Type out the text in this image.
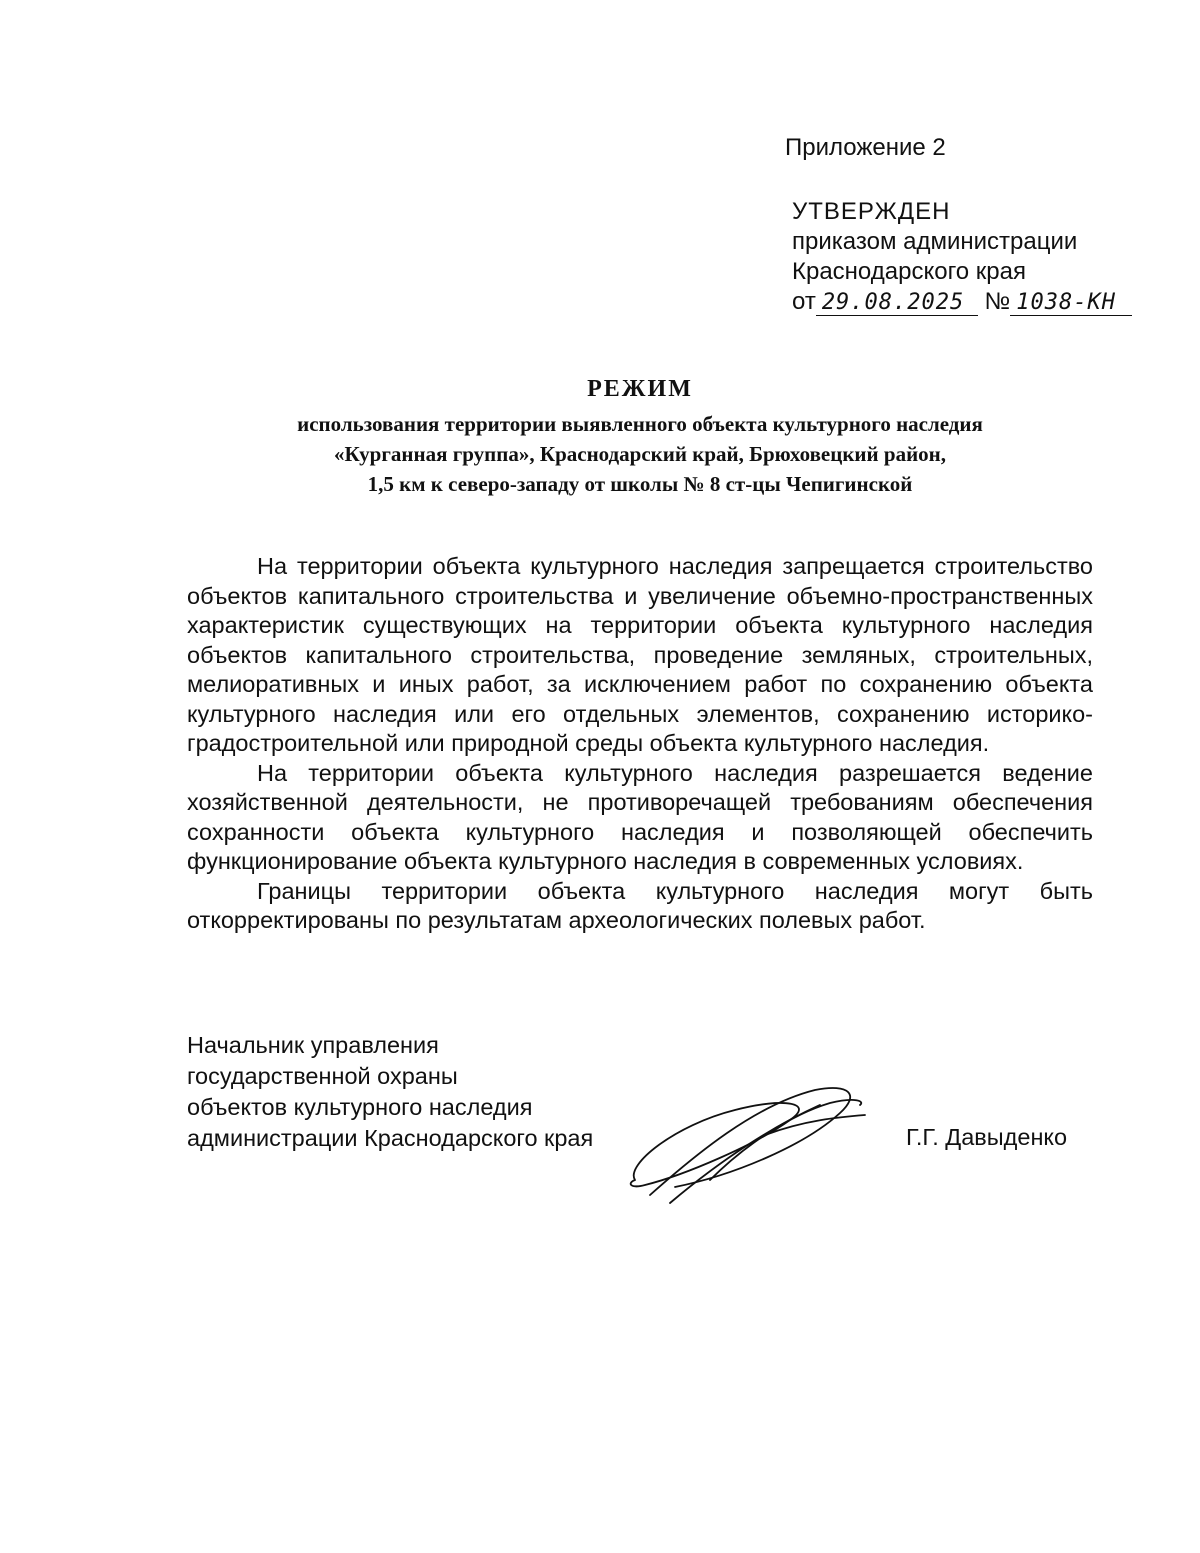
Приложение 2
УТВЕРЖДЕН
приказом администрации
Краснодарского края
от 29.08.2025 № 1038-КН
РЕЖИМ
использования территории выявленного объекта культурного наследия
«Курганная группа», Краснодарский край, Брюховецкий район,
1,5 км к северо-западу от школы № 8 ст-цы Чепигинской

На территории объекта культурного наследия запрещается строительство объектов капитального строительства и увеличение объемно-пространственных характеристик существующих на территории объекта культурного наследия объектов капитального строительства, проведение земляных, строительных, мелиоративных и иных работ, за исключением работ по сохранению объекта культурного наследия или его отдельных элементов, сохранению историко-градостроительной или природной среды объекта культурного наследия.

На территории объекта культурного наследия разрешается ведение хозяйственной деятельности, не противоречащей требованиям обеспечения сохранности объекта культурного наследия и позволяющей обеспечить функционирование объекта культурного наследия в современных условиях.

Границы территории объекта культурного наследия могут быть откорректированы по результатам археологических полевых работ.

Начальник управления
государственной охраны
объектов культурного наследия
администрации Краснодарского края	Г.Г. Давыденко
